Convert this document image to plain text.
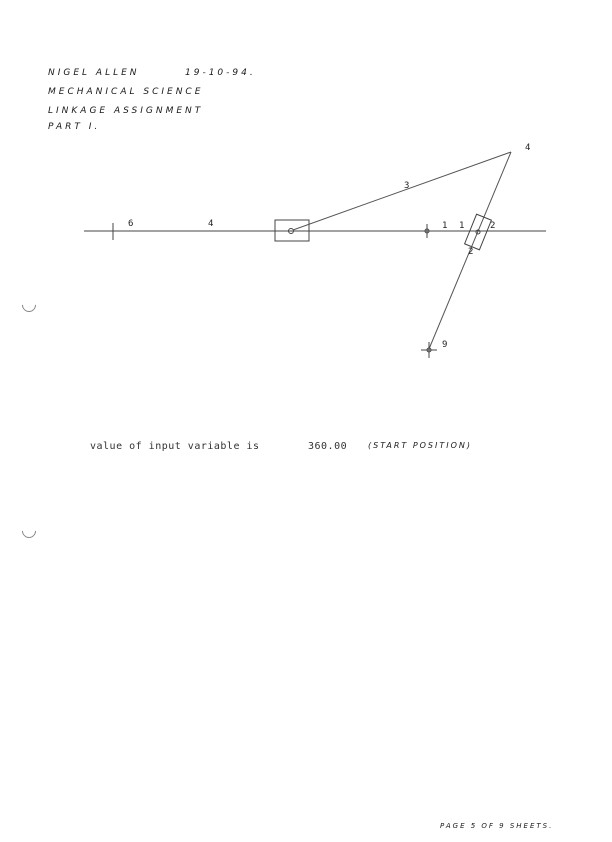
NIGEL ALLEN	19-10-94.
MECHANICAL SCIENCE
LINKAGE ASSIGNMENT
PART I.
6	4
3
4
1 1	2
2
9
value of input variable is	360.00	(START POSITION)
PAGE 5 OF 9 SHEETS.
